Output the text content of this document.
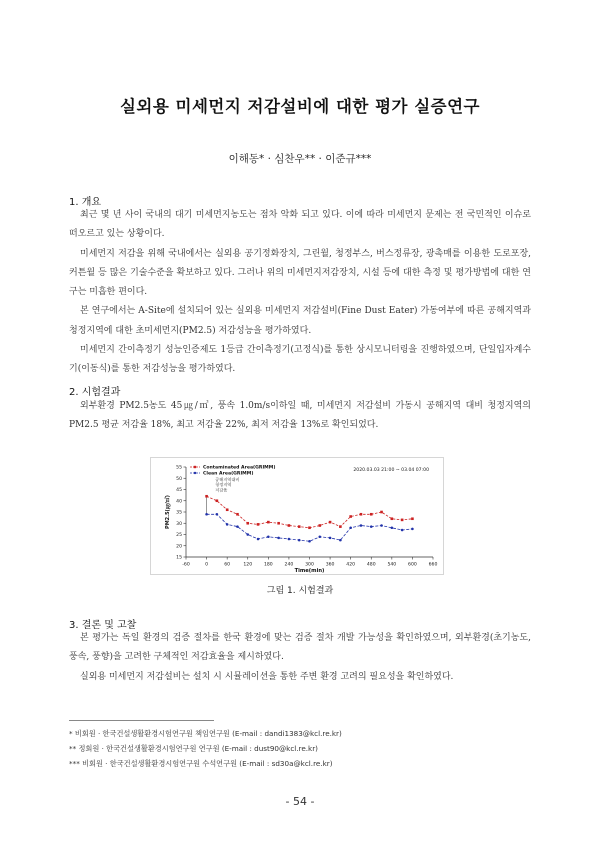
실외용 미세먼지 저감설비에 대한 평가 실증연구
이해동* · 심찬우** · 이준규***
1. 개요

최근 몇 년 사이 국내의 대기 미세먼지농도는 점차 악화 되고 있다. 이에 따라 미세먼지 문제는 전 국민적인 이슈로 떠오르고 있는 상황이다.

미세먼지 저감을 위해 국내에서는 실외용 공기정화장치, 그린월, 청정부스, 버스정류장, 광촉매를 이용한 도로포장, 커튼월 등 많은 기술수준을 확보하고 있다. 그러나 위의 미세먼지저감장치, 시설 등에 대한 측정 및 평가방법에 대한 연구는 미흡한 편이다.

본 연구에서는 A-Site에 설치되어 있는 실외용 미세먼지 저감설비(Fine Dust Eater) 가동여부에 따른 공해지역과 청정지역에 대한 초미세먼지(PM2.5) 저감성능을 평가하였다.

미세먼지 간이측정기 성능인증제도 1등급 간이측정기(고정식)를 통한 상시모니터링을 진행하였으며, 단일입자계수기(이동식)를 통한 저감성능을 평가하였다.

2. 시험결과

외부환경 PM2.5농도 45㎍/㎥, 풍속 1.0m/s이하일 때, 미세먼지 저감설비 가동시 공해지역 대비 청정지역의 PM2.5 평균 저감율 18%, 최고 저감율 22%, 최저 저감율 13%로 확인되었다.

-60	0	60	120	180	240	300	360	420	480	540	600	660
15
20
25
30
35
40
45
50
55
Time(min)
PM2.5(㎍/㎥)
2020.03.03 21:00 ~ 03.04 07:00
공해지역대비
청정지역
저감율
Contaminated Area(GRIMM)
Clean Area(GRIMM)
그림 1. 시험결과
3. 결론 및 고찰

본 평가는 독일 환경의 검증 절차를 한국 환경에 맞는 검증 절차 개발 가능성을 확인하였으며, 외부환경(초기농도, 풍속, 풍향)을 고려한 구체적인 저감효율을 제시하였다.

실외용 미세먼지 저감설비는 설치 시 시뮬레이션을 통한 주변 환경 고려의 필요성을 확인하였다.

* 비회원 · 한국건설생활환경시험연구원 책임연구원 (E-mail : dandi1383@kcl.re.kr)
** 정회원 · 한국건설생활환경시험연구원 연구원 (E-mail : dust90@kcl.re.kr)
*** 비회원 · 한국건설생활환경시험연구원 수석연구원 (E-mail : sd30a@kcl.re.kr)
- 54 -
